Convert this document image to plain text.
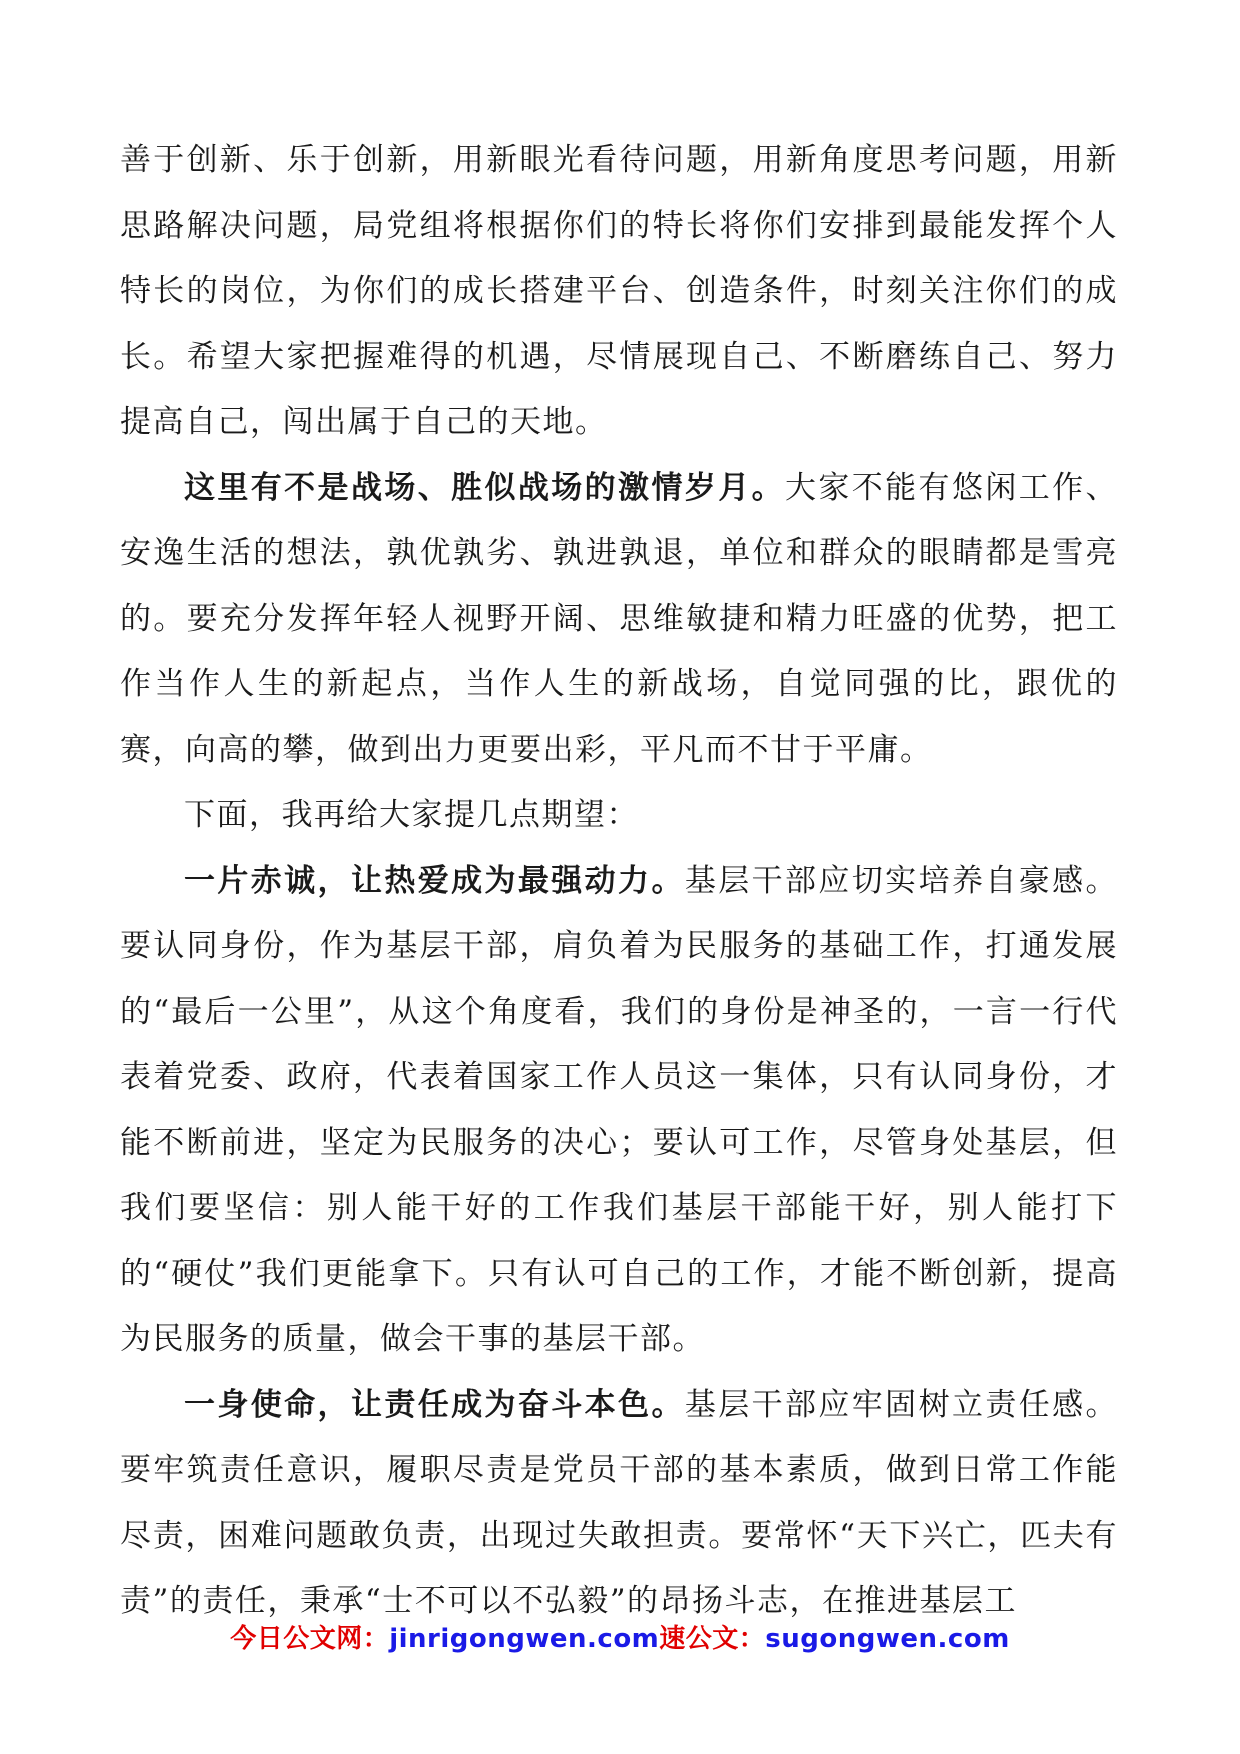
善于创新、乐于创新，用新眼光看待问题，用新角度思考问题，用新思路解决问题，局党组将根据你们的特长将你们安排到最能发挥个人特长的岗位，为你们的成长搭建平台、创造条件，时刻关注你们的成长。希望大家把握难得的机遇，尽情展现自己、不断磨练自己、努力提高自己，闯出属于自己的天地。

这里有不是战场、胜似战场的激情岁月。大家不能有悠闲工作、安逸生活的想法，孰优孰劣、孰进孰退，单位和群众的眼睛都是雪亮的。要充分发挥年轻人视野开阔、思维敏捷和精力旺盛的优势，把工作当作人生的新起点，当作人生的新战场，自觉同强的比，跟优的赛，向高的攀，做到出力更要出彩，平凡而不甘于平庸。

下面，我再给大家提几点期望：

一片赤诚，让热爱成为最强动力。基层干部应切实培养自豪感。要认同身份，作为基层干部，肩负着为民服务的基础工作，打通发展的“最后一公里”，从这个角度看，我们的身份是神圣的，一言一行代表着党委、政府，代表着国家工作人员这一集体，只有认同身份，才能不断前进，坚定为民服务的决心；要认可工作，尽管身处基层，但我们要坚信：别人能干好的工作我们基层干部能干好，别人能打下的“硬仗”我们更能拿下。只有认可自己的工作，才能不断创新，提高为民服务的质量，做会干事的基层干部。

一身使命，让责任成为奋斗本色。基层干部应牢固树立责任感。要牢筑责任意识，履职尽责是党员干部的基本素质，做到日常工作能尽责，困难问题敢负责，出现过失敢担责。要常怀“天下兴亡，匹夫有责”的责任，秉承“士不可以不弘毅”的昂扬斗志，在推进基层工

今日公文网：jinrigongwen.com速公文：sugongwen.com
